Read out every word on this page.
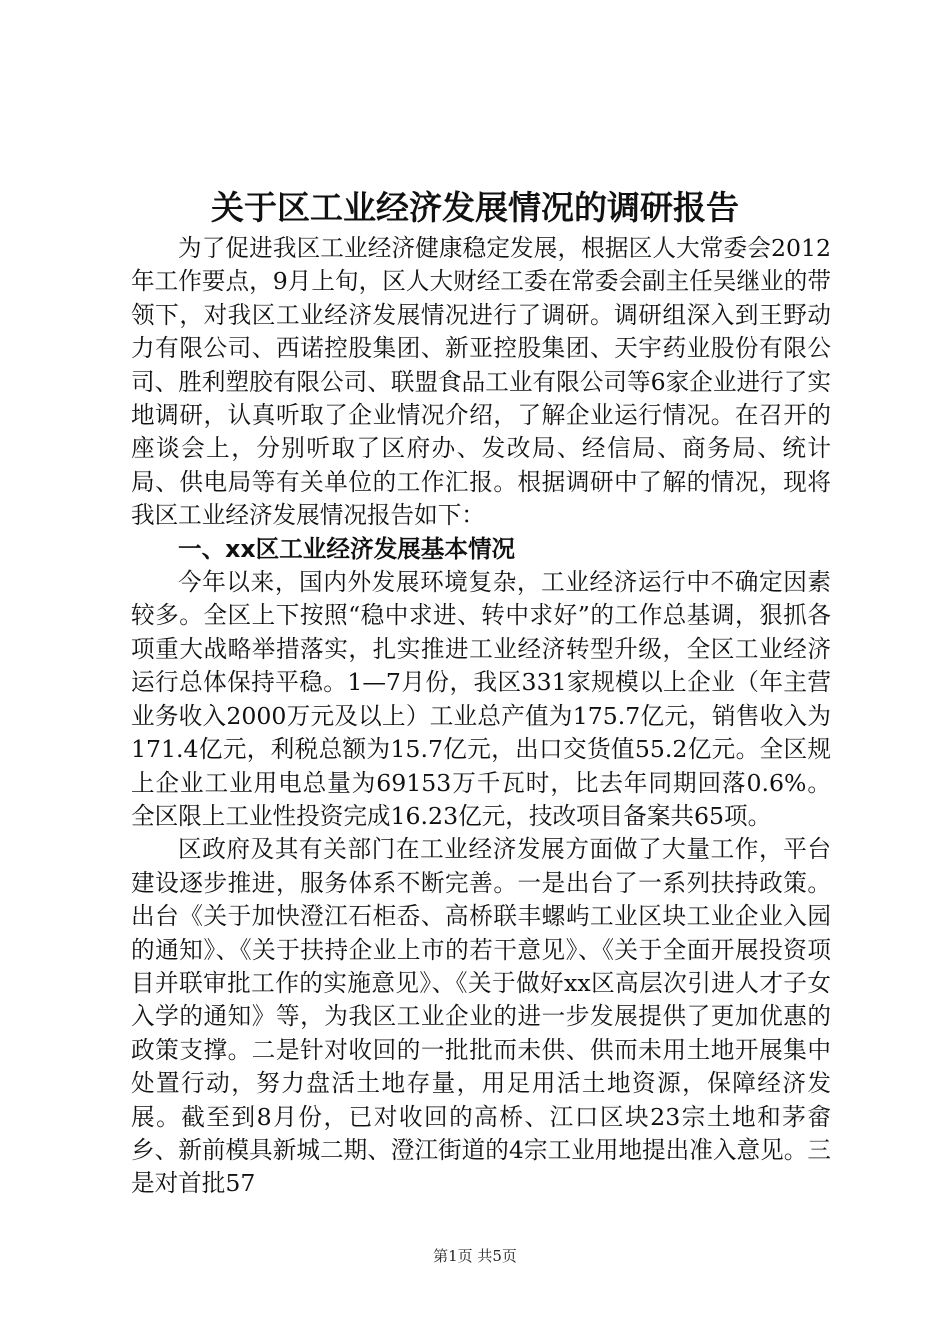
关于区工业经济发展情况的调研报告

为了促进我区工业经济健康稳定发展，根据区人大常委会2012年工作要点，9月上旬，区人大财经工委在常委会副主任吴继业的带领下，对我区工业经济发展情况进行了调研。调研组深入到王野动力有限公司、西诺控股集团、新亚控股集团、天宇药业股份有限公司、胜利塑胶有限公司、联盟食品工业有限公司等6家企业进行了实地调研，认真听取了企业情况介绍，了解企业运行情况。在召开的座谈会上，分别听取了区府办、发改局、经信局、商务局、统计局、供电局等有关单位的工作汇报。根据调研中了解的情况，现将我区工业经济发展情况报告如下：

一、xx区工业经济发展基本情况

今年以来，国内外发展环境复杂，工业经济运行中不确定因素较多。全区上下按照“稳中求进、转中求好”的工作总基调，狠抓各项重大战略举措落实，扎实推进工业经济转型升级，全区工业经济运行总体保持平稳。1—7月份，我区331家规模以上企业（年主营业务收入2000万元及以上）工业总产值为175.7亿元，销售收入为171.4亿元，利税总额为15.7亿元，出口交货值55.2亿元。全区规上企业工业用电总量为69153万千瓦时，比去年同期回落0.6%。全区限上工业性投资完成16.23亿元，技改项目备案共65项。

区政府及其有关部门在工业经济发展方面做了大量工作，平台建设逐步推进，服务体系不断完善。一是出台了一系列扶持政策。出台《关于加快澄江石柜岙、高桥联丰螺屿工业区块工业企业入园的通知》、《关于扶持企业上市的若干意见》、《关于全面开展投资项目并联审批工作的实施意见》、《关于做好xx区高层次引进人才子女入学的通知》等，为我区工业企业的进一步发展提供了更加优惠的政策支撑。二是针对收回的一批批而未供、供而未用土地开展集中处置行动，努力盘活土地存量，用足用活土地资源，保障经济发展。截至到8月份，已对收回的高桥、江口区块23宗土地和茅畲乡、新前模具新城二期、澄江街道的4宗工业用地提出准入意见。三是对首批57

第1页 共5页
